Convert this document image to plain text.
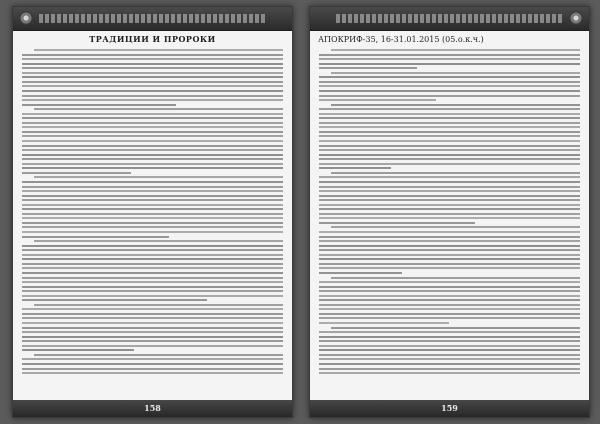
ТРАДИЦИИ И ПРОРОКИ
158
АПОКРИФ-35, 16-31.01.2015 (05.о.к.ч.)
159
